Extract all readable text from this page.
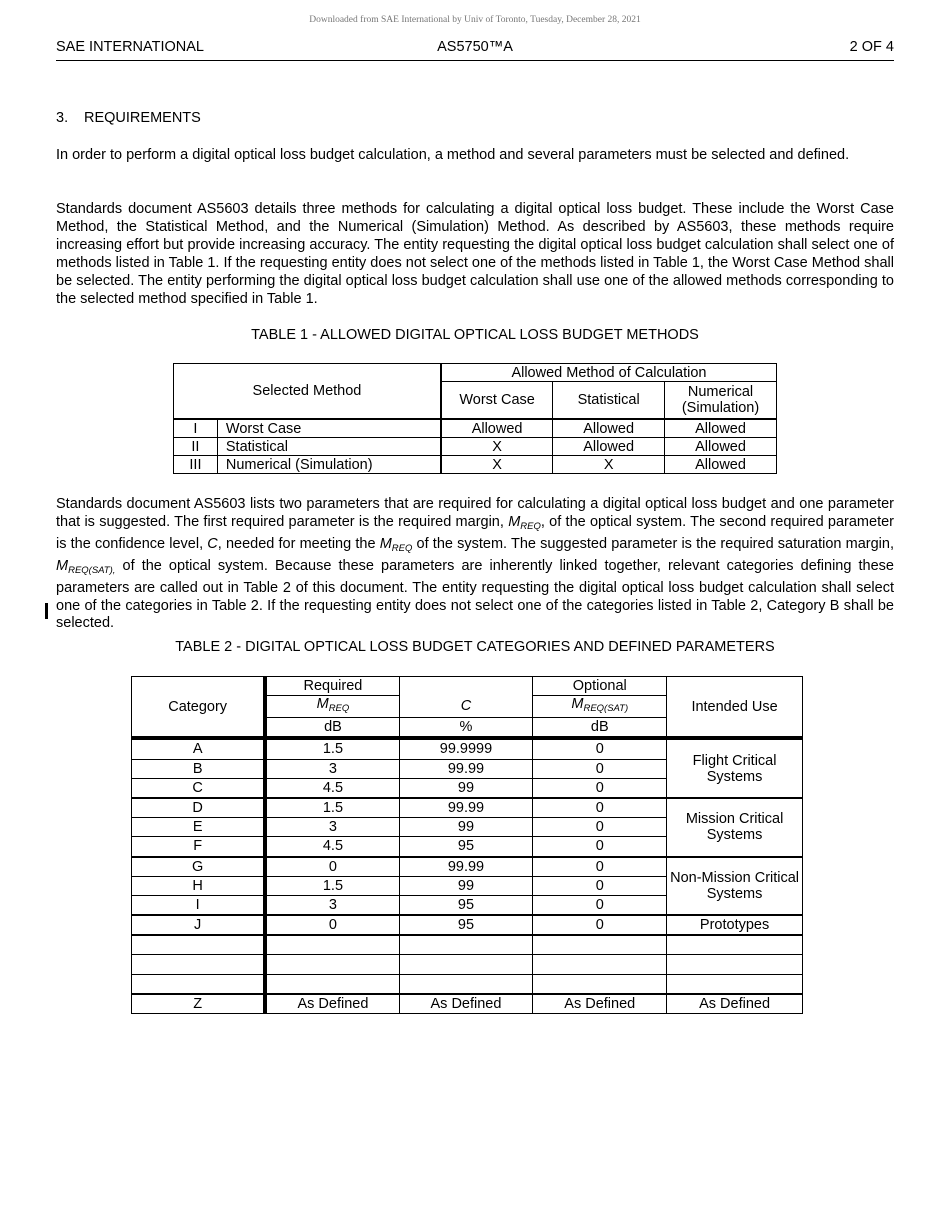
Downloaded from SAE International by Univ of Toronto, Tuesday, December 28, 2021
SAE INTERNATIONAL	AS5750™A	2 OF 4
3. REQUIREMENTS

In order to perform a digital optical loss budget calculation, a method and several parameters must be selected and defined.

Standards document AS5603 details three methods for calculating a digital optical loss budget. These include the Worst Case Method, the Statistical Method, and the Numerical (Simulation) Method. As described by AS5603, these methods require increasing effort but provide increasing accuracy. The entity requesting the digital optical loss budget calculation shall select one of methods listed in Table 1. If the requesting entity does not select one of the methods listed in Table 1, the Worst Case Method shall be selected. The entity performing the digital optical loss budget calculation shall use one of the allowed methods corresponding to the selected method specified in Table 1.

TABLE 1 - ALLOWED DIGITAL OPTICAL LOSS BUDGET METHODS
Selected Method		Allowed Method of Calculation		
		Worst Case	Statistical	Numerical (Simulation)
I	Worst Case	Allowed	Allowed	Allowed
II	Statistical	X	Allowed	Allowed
III	Numerical (Simulation)	X	X	Allowed

Standards document AS5603 lists two parameters that are required for calculating a digital optical loss budget and one parameter that is suggested. The first required parameter is the required margin, $M_{REQ}$, of the optical system. The second required parameter is the confidence level, C, needed for meeting the $M_{REQ}$ of the system. The suggested parameter is the required saturation margin, $M_{REQ(SAT),}$ of the optical system. Because these parameters are inherently linked together, relevant categories defining these parameters are called out in Table 2 of this document. The entity requesting the digital optical loss budget calculation shall select one of the categories in Table 2. If the requesting entity does not select one of the categories listed in Table 2, Category B shall be selected.

TABLE 2 - DIGITAL OPTICAL LOSS BUDGET CATEGORIES AND DEFINED PARAMETERS
Category	Required		Optional	Intended Use
	$M_{REQ}$	C	$M_{REQ(SAT)}$
	dB	%	dB	
A	1.5	99.9999	0	Flight Critical Systems
B	3	99.99	0	
C	4.5	99	0	
D	1.5	99.99	0	Mission Critical Systems
E	3	99	0	
F	4.5	95	0	
G	0	99.99	0	Non-Mission Critical Systems
H	1.5	99	0	
I	3	95	0	
J	0	95	0	Prototypes

Z	As Defined	As Defined	As Defined	As Defined
